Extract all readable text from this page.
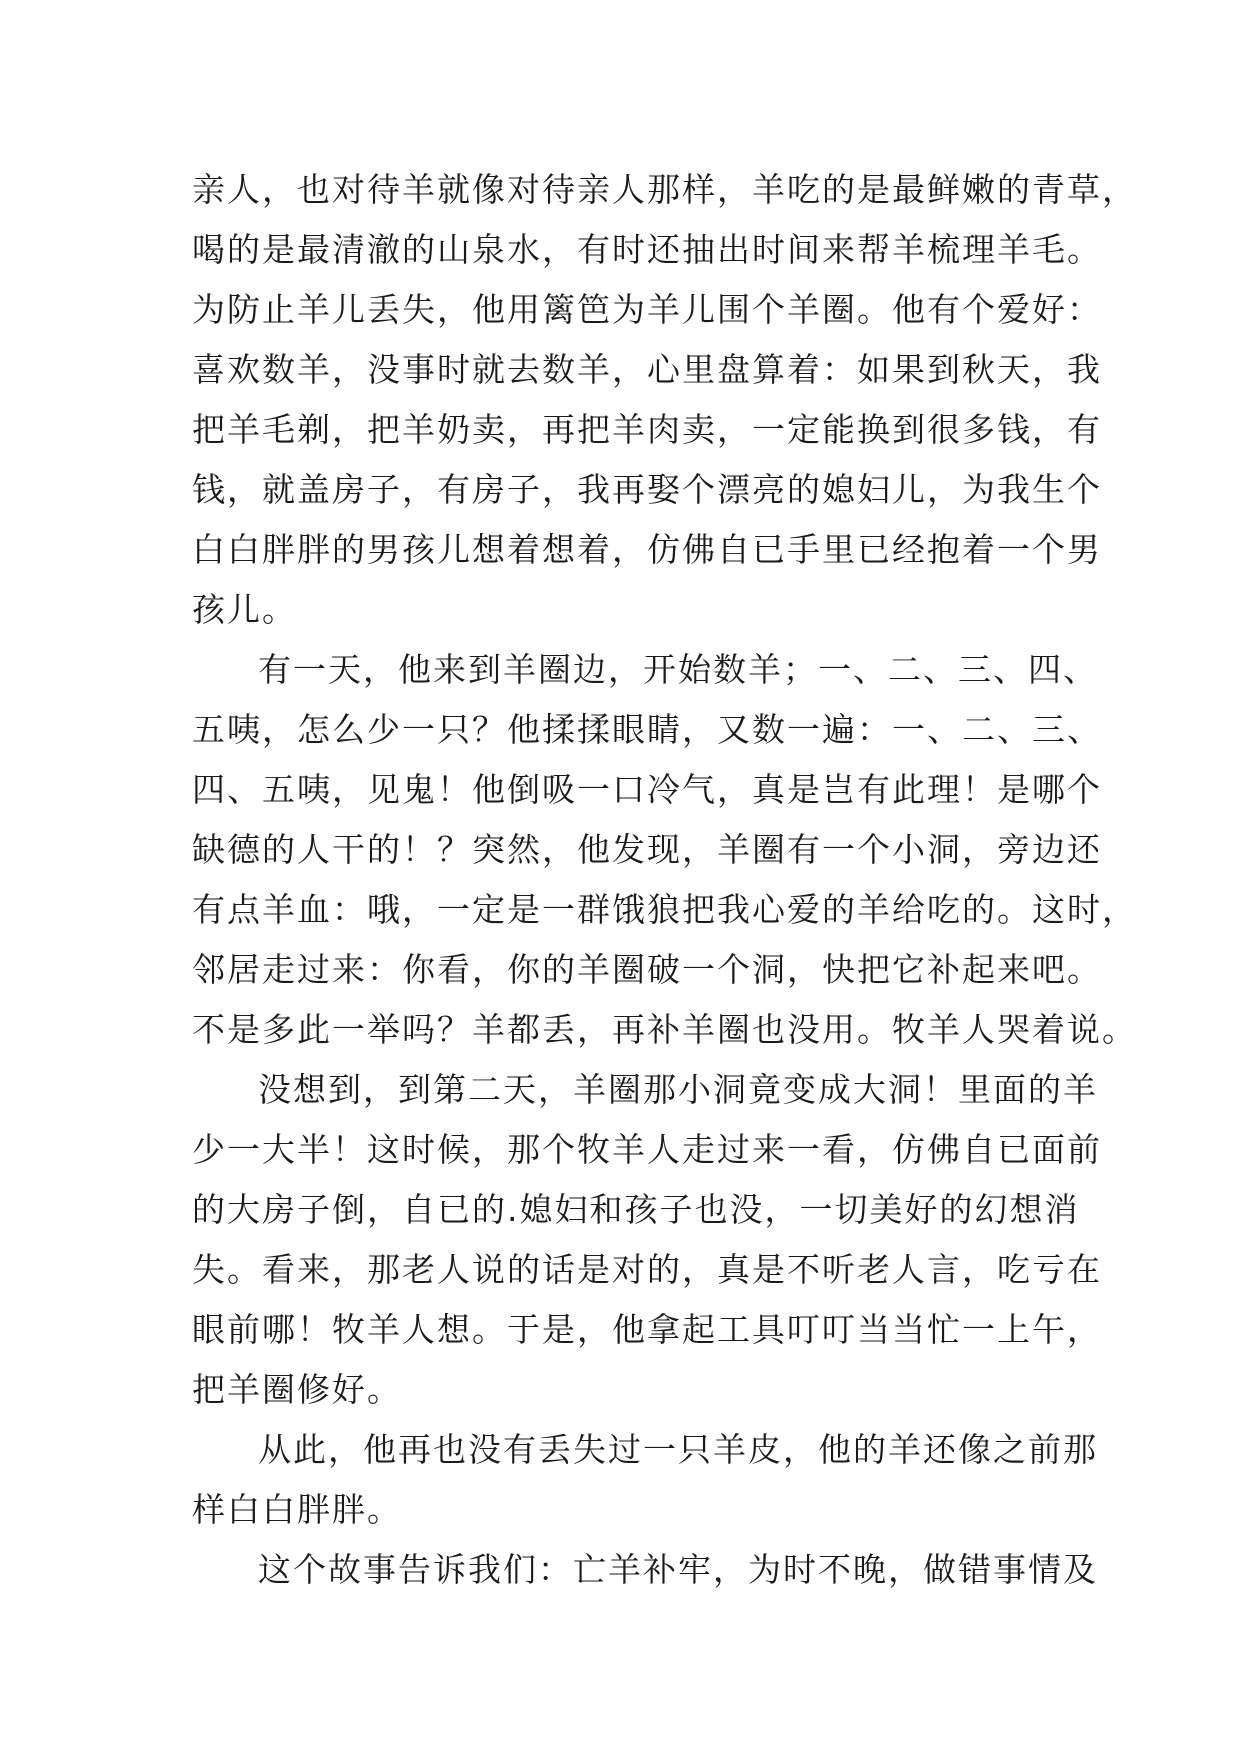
亲人，也对待羊就像对待亲人那样，羊吃的是最鲜嫩的青草，
喝的是最清澈的山泉水，有时还抽出时间来帮羊梳理羊毛。
为防止羊儿丢失，他用篱笆为羊儿围个羊圈。他有个爱好：
喜欢数羊，没事时就去数羊，心里盘算着：如果到秋天，我
把羊毛剃，把羊奶卖，再把羊肉卖，一定能换到很多钱，有
钱，就盖房子，有房子，我再娶个漂亮的媳妇儿，为我生个
白白胖胖的男孩儿想着想着，仿佛自已手里已经抱着一个男
孩儿。
有一天，他来到羊圈边，开始数羊；一、二、三、四、
五咦，怎么少一只？他揉揉眼睛，又数一遍：一、二、三、
四、五咦，见鬼！他倒吸一口冷气，真是岂有此理！是哪个
缺德的人干的！？突然，他发现，羊圈有一个小洞，旁边还
有点羊血：哦，一定是一群饿狼把我心爱的羊给吃的。这时，
邻居走过来：你看，你的羊圈破一个洞，快把它补起来吧。
不是多此一举吗？羊都丢，再补羊圈也没用。牧羊人哭着说。
没想到，到第二天，羊圈那小洞竟变成大洞！里面的羊
少一大半！这时候，那个牧羊人走过来一看，仿佛自已面前
的大房子倒，自已的.媳妇和孩子也没，一切美好的幻想消
失。看来，那老人说的话是对的，真是不听老人言，吃亏在
眼前哪！牧羊人想。于是，他拿起工具叮叮当当忙一上午，
把羊圈修好。
从此，他再也没有丢失过一只羊皮，他的羊还像之前那
样白白胖胖。
这个故事告诉我们：亡羊补牢，为时不晚，做错事情及
